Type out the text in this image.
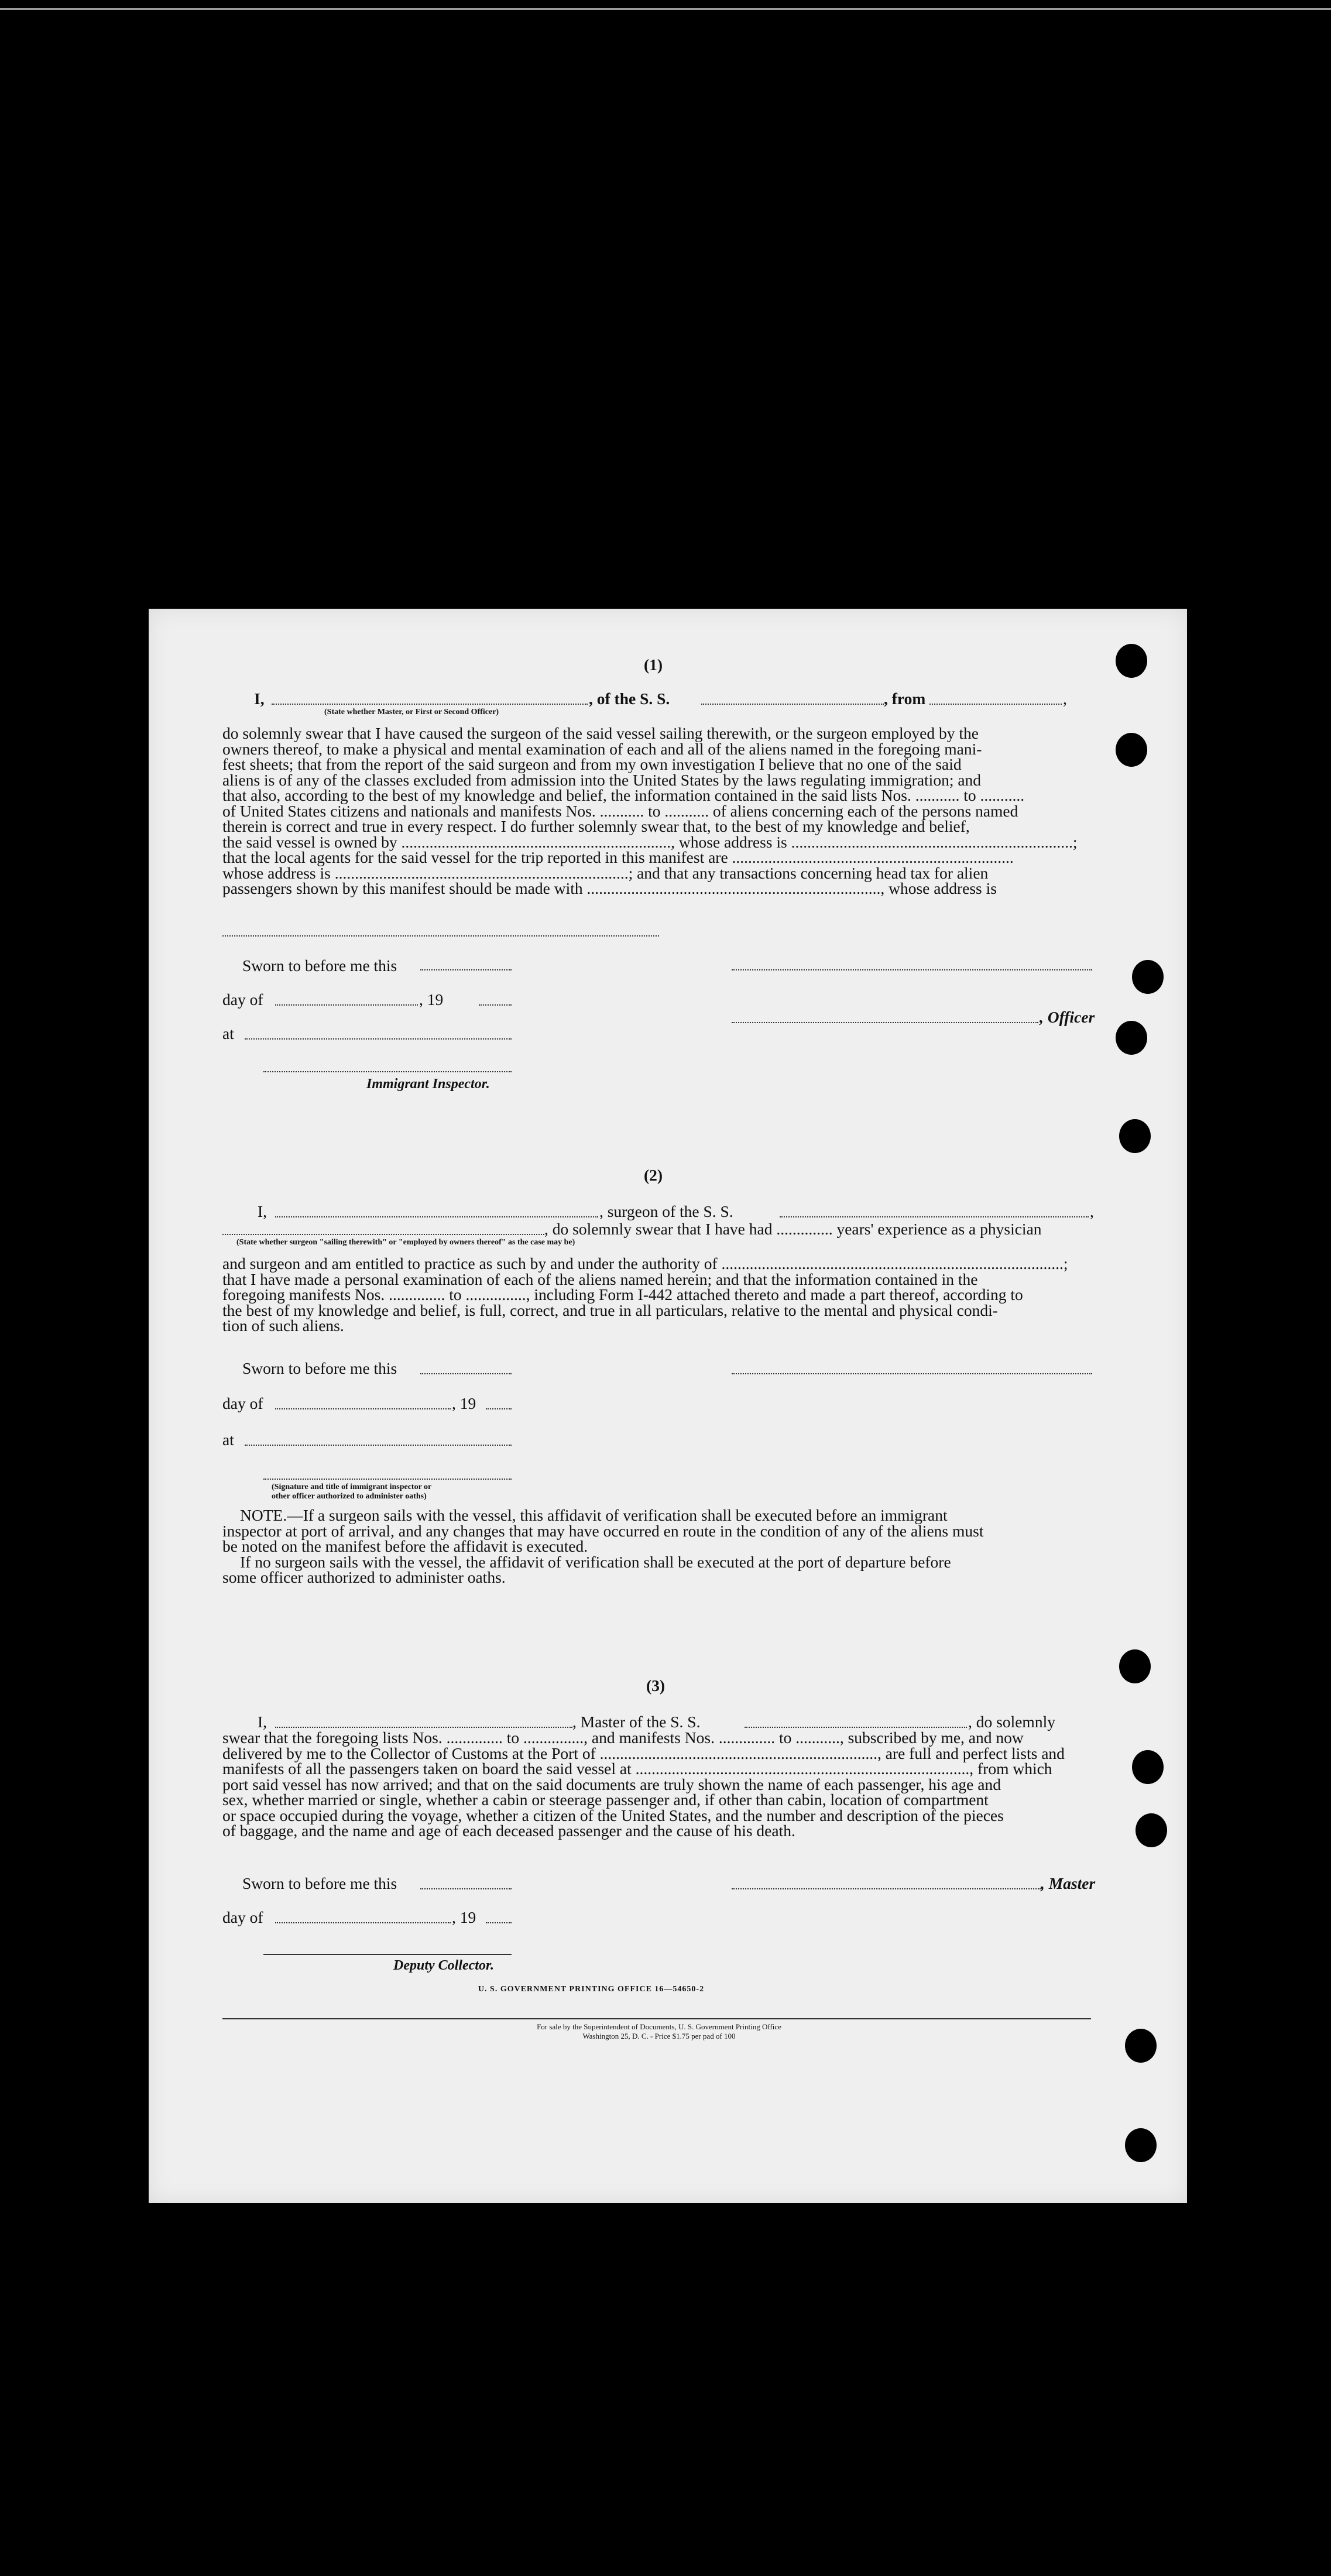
(1)
I,	, of the S. S.	, from	,
(State whether Master, or First or Second Officer)

do solemnly swear that I have caused the surgeon of the said vessel sailing therewith, or the surgeon employed by the

owners thereof, to make a physical and mental examination of each and all of the aliens named in the foregoing mani-

fest sheets; that from the report of the said surgeon and from my own investigation I believe that no one of the said

aliens is of any of the classes excluded from admission into the United States by the laws regulating immigration; and

that also, according to the best of my knowledge and belief, the information contained in the said lists Nos. ........... to ...........

of United States citizens and nationals and manifests Nos. ........... to ........... of aliens concerning each of the persons named

therein is correct and true in every respect. I do further solemnly swear that, to the best of my knowledge and belief,

the said vessel is owned by ..................................................................., whose address is ......................................................................;

that the local agents for the said vessel for the trip reported in this manifest are ......................................................................

whose address is .........................................................................; and that any transactions concerning head tax for alien

passengers shown by this manifest should be made with ........................................................................., whose address is

Sworn to before me this
day of	, 19
, Officer
at
Immigrant Inspector.
(2)
I,	, surgeon of the S. S.	,
, do solemnly swear that I have had .............. years' experience as a physician
(State whether surgeon "sailing therewith" or "employed by owners thereof" as the case may be)

and surgeon and am entitled to practice as such by and under the authority of .....................................................................................;

that I have made a personal examination of each of the aliens named herein; and that the information contained in the

foregoing manifests Nos. .............. to ..............., including Form I-442 attached thereto and made a part thereof, according to

the best of my knowledge and belief, is full, correct, and true in all particulars, relative to the mental and physical condi-

tion of such aliens.

Sworn to before me this
day of	, 19
at
(Signature and title of immigrant inspector or
other officer authorized to administer oaths)

NOTE.—If a surgeon sails with the vessel, this affidavit of verification shall be executed before an immigrant

inspector at port of arrival, and any changes that may have occurred en route in the condition of any of the aliens must

be noted on the manifest before the affidavit is executed.

If no surgeon sails with the vessel, the affidavit of verification shall be executed at the port of departure before

some officer authorized to administer oaths.

(3)
I,	, Master of the S. S.	, do solemnly

swear that the foregoing lists Nos. .............. to ..............., and manifests Nos. .............. to ..........., subscribed by me, and now

delivered by me to the Collector of Customs at the Port of ....................................................................., are full and perfect lists and

manifests of all the passengers taken on board the said vessel at ..................................................................................., from which

port said vessel has now arrived; and that on the said documents are truly shown the name of each passenger, his age and

sex, whether married or single, whether a cabin or steerage passenger and, if other than cabin, location of compartment

or space occupied during the voyage, whether a citizen of the United States, and the number and description of the pieces

of baggage, and the name and age of each deceased passenger and the cause of his death.

Sworn to before me this	, Master
day of	, 19
Deputy Collector.
U. S. GOVERNMENT PRINTING OFFICE 16—54650-2
For sale by the Superintendent of Documents, U. S. Government Printing Office
Washington 25, D. C. - Price $1.75 per pad of 100
